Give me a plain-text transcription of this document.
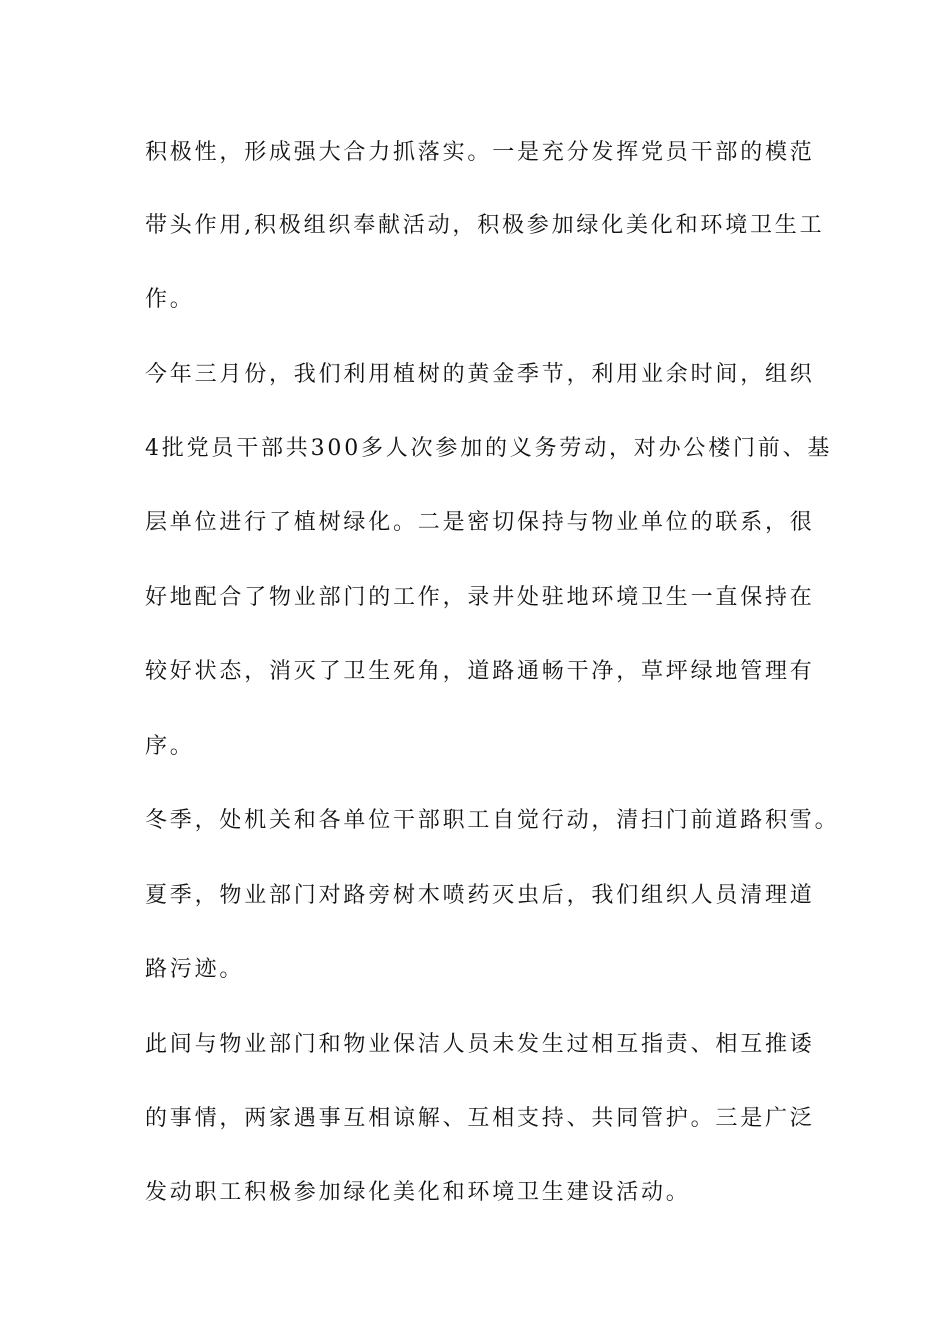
积极性，形成强大合力抓落实。一是充分发挥党员干部的模范
带头作用,积极组织奉献活动，积极参加绿化美化和环境卫生工
作。
今年三月份，我们利用植树的黄金季节，利用业余时间，组织
4批党员干部共300多人次参加的义务劳动，对办公楼门前、基
层单位进行了植树绿化。二是密切保持与物业单位的联系，很
好地配合了物业部门的工作，录井处驻地环境卫生一直保持在
较好状态，消灭了卫生死角，道路通畅干净，草坪绿地管理有
序。
冬季，处机关和各单位干部职工自觉行动，清扫门前道路积雪。
夏季，物业部门对路旁树木喷药灭虫后，我们组织人员清理道
路污迹。
此间与物业部门和物业保洁人员未发生过相互指责、相互推诿
的事情，两家遇事互相谅解、互相支持、共同管护。三是广泛
发动职工积极参加绿化美化和环境卫生建设活动。
